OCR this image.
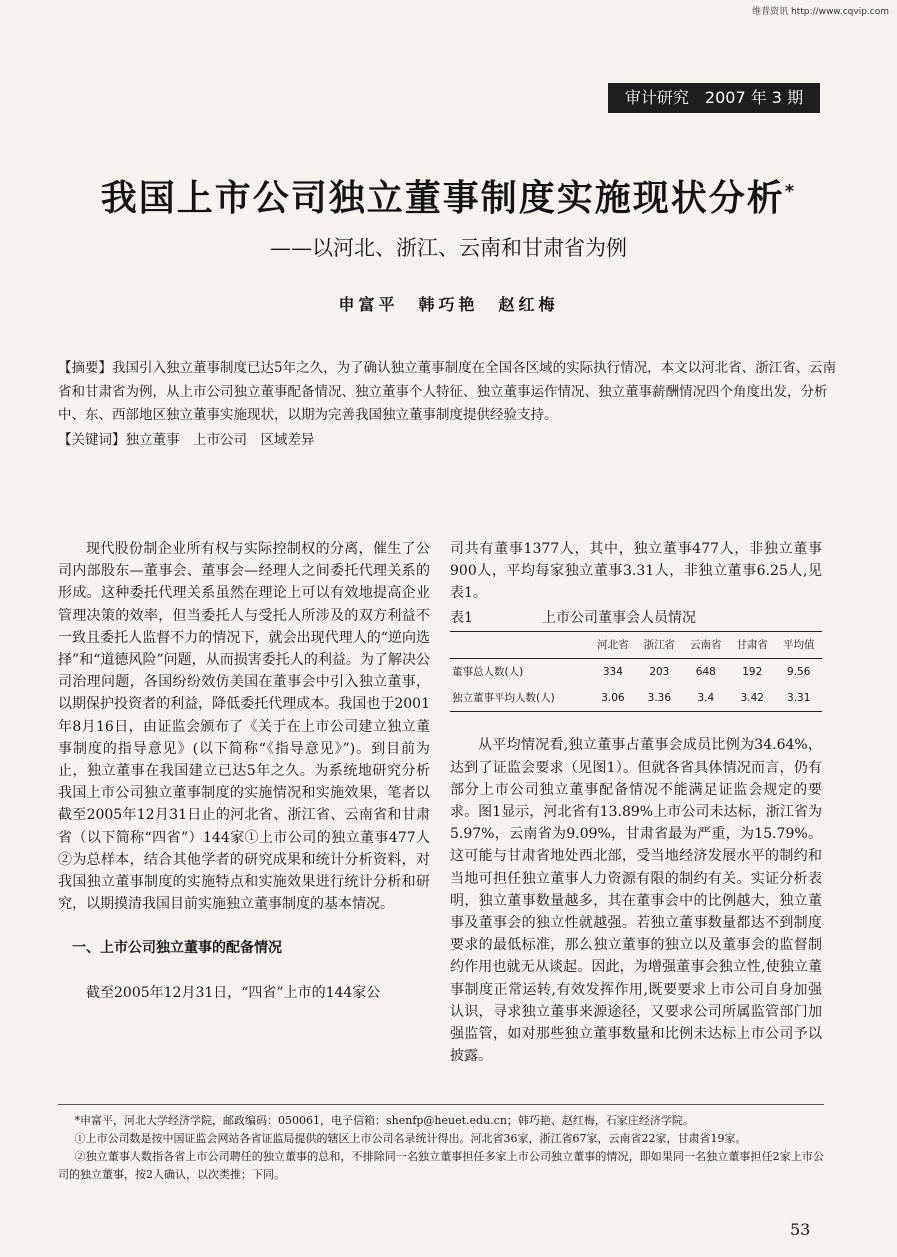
维普资讯 http://www.cqvip.com
审计研究　2007 年 3 期
我国上市公司独立董事制度实施现状分析*
——以河北、浙江、云南和甘肃省为例
申富平　韩巧艳　赵红梅
【摘要】我国引入独立董事制度已达5年之久，为了确认独立董事制度在全国各区域的实际执行情况，本文以河北省、浙江省、云南省和甘肃省为例，从上市公司独立董事配备情况、独立董事个人特征、独立董事运作情况、独立董事薪酬情况四个角度出发，分析中、东、西部地区独立董事实施现状，以期为完善我国独立董事制度提供经验支持。
【关键词】独立董事　上市公司　区域差异

现代股份制企业所有权与实际控制权的分离，催生了公司内部股东—董事会、董事会—经理人之间委托代理关系的形成。这种委托代理关系虽然在理论上可以有效地提高企业管理决策的效率，但当委托人与受托人所涉及的双方利益不一致且委托人监督不力的情况下，就会出现代理人的“逆向选择”和“道德风险”问题，从而损害委托人的利益。为了解决公司治理问题，各国纷纷效仿美国在董事会中引入独立董事，以期保护投资者的利益，降低委托代理成本。我国也于2001年8月16日，由证监会颁布了《关于在上市公司建立独立董事制度的指导意见》(以下简称“《指导意见》”)。到目前为止，独立董事在我国建立已达5年之久。为系统地研究分析我国上市公司独立董事制度的实施情况和实施效果，笔者以截至2005年12月31日止的河北省、浙江省、云南省和甘肃省（以下简称“四省”）144家①上市公司的独立董事477人②为总样本，结合其他学者的研究成果和统计分析资料，对我国独立董事制度的实施特点和实施效果进行统计分析和研究，以期摸清我国目前实施独立董事制度的基本情况。

一、上市公司独立董事的配备情况

截至2005年12月31日，“四省”上市的144家公

司共有董事1377人，其中，独立董事477人，非独立董事900人，平均每家独立董事3.31人，非独立董事6.25人,见表1。

表1	上市公司董事会人员情况
	河北省	浙江省	云南省	甘肃省	平均值
董事总人数(人)	334	203	648	192	9.56
独立董事平均人数(人)	3.06	3.36	3.4	3.42	3.31

从平均情况看,独立董事占董事会成员比例为34.64%，达到了证监会要求（见图1）。但就各省具体情况而言，仍有部分上市公司独立董事配备情况不能满足证监会规定的要求。图1显示，河北省有13.89%上市公司未达标，浙江省为5.97%，云南省为9.09%，甘肃省最为严重，为15.79%。这可能与甘肃省地处西北部，受当地经济发展水平的制约和当地可担任独立董事人力资源有限的制约有关。实证分析表明，独立董事数量越多，其在董事会中的比例越大，独立董事及董事会的独立性就越强。若独立董事数量都达不到制度要求的最低标准，那么独立董事的独立以及董事会的监督制约作用也就无从谈起。因此，为增强董事会独立性,使独立董事制度正常运转,有效发挥作用,既要要求上市公司自身加强认识，寻求独立董事来源途径，又要求公司所属监管部门加强监管，如对那些独立董事数量和比例未达标上市公司予以披露。

*申富平，河北大学经济学院，邮政编码：050061，电子信箱：shenfp@heuet.edu.cn；韩巧艳、赵红梅，石家庄经济学院。

①上市公司数是按中国证监会网站各省证监局提供的辖区上市公司名录统计得出。河北省36家，浙江省67家，云南省22家，甘肃省19家。

②独立董事人数指各省上市公司聘任的独立董事的总和，不排除同一名独立董事担任多家上市公司独立董事的情况，即如果同一名独立董事担任2家上市公司的独立董事，按2人确认，以次类推；下同。

53
